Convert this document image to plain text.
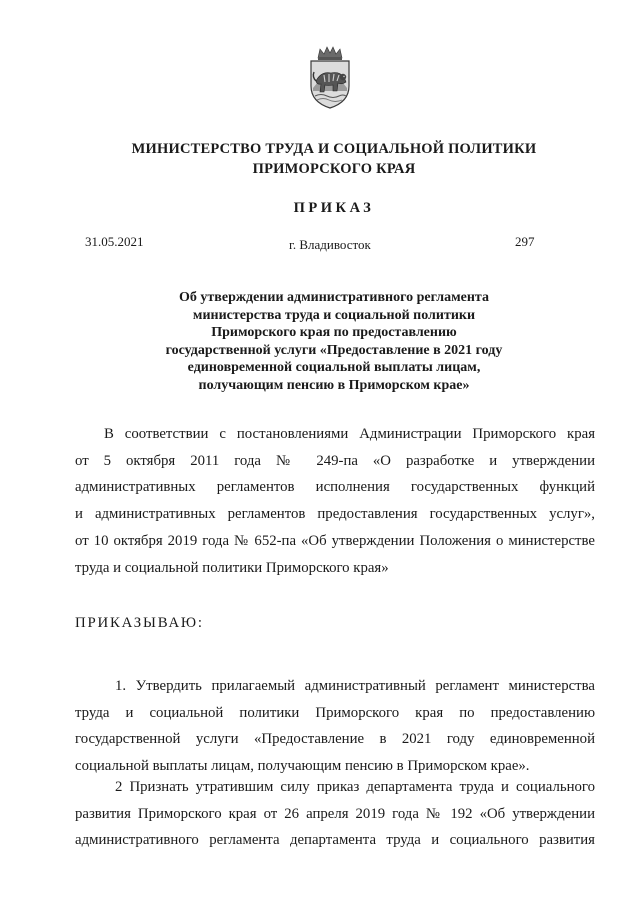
МИНИСТЕРСТВО ТРУДА И СОЦИАЛЬНОЙ ПОЛИТИКИ
ПРИМОРСКОГО КРАЯ
ПРИКАЗ
31.05.2021	г. Владивосток	297
Об утверждении административного регламента
министерства труда и социальной политики
Приморского края по предоставлению
государственной услуги «Предоставление в 2021 году
единовременной социальной выплаты лицам,
получающим пенсию в Приморском крае»
В соответствии с постановлениями Администрации Приморского края
от 5 октября 2011 года № 249-па «О разработке и утверждении
административных регламентов исполнения государственных функций
и административных регламентов предоставления государственных услуг»,
от 10 октября 2019 года № 652-па «Об утверждении Положения о министерстве
труда и социальной политики Приморского края»
ПРИКАЗЫВАЮ:
1. Утвердить прилагаемый административный регламент министерства
труда и социальной политики Приморского края по предоставлению
государственной услуги «Предоставление в 2021 году единовременной
социальной выплаты лицам, получающим пенсию в Приморском крае».
2 Признать утратившим силу приказ департамента труда и социального
развития Приморского края от 26 апреля 2019 года № 192 «Об утверждении
административного регламента департамента труда и социального развития
